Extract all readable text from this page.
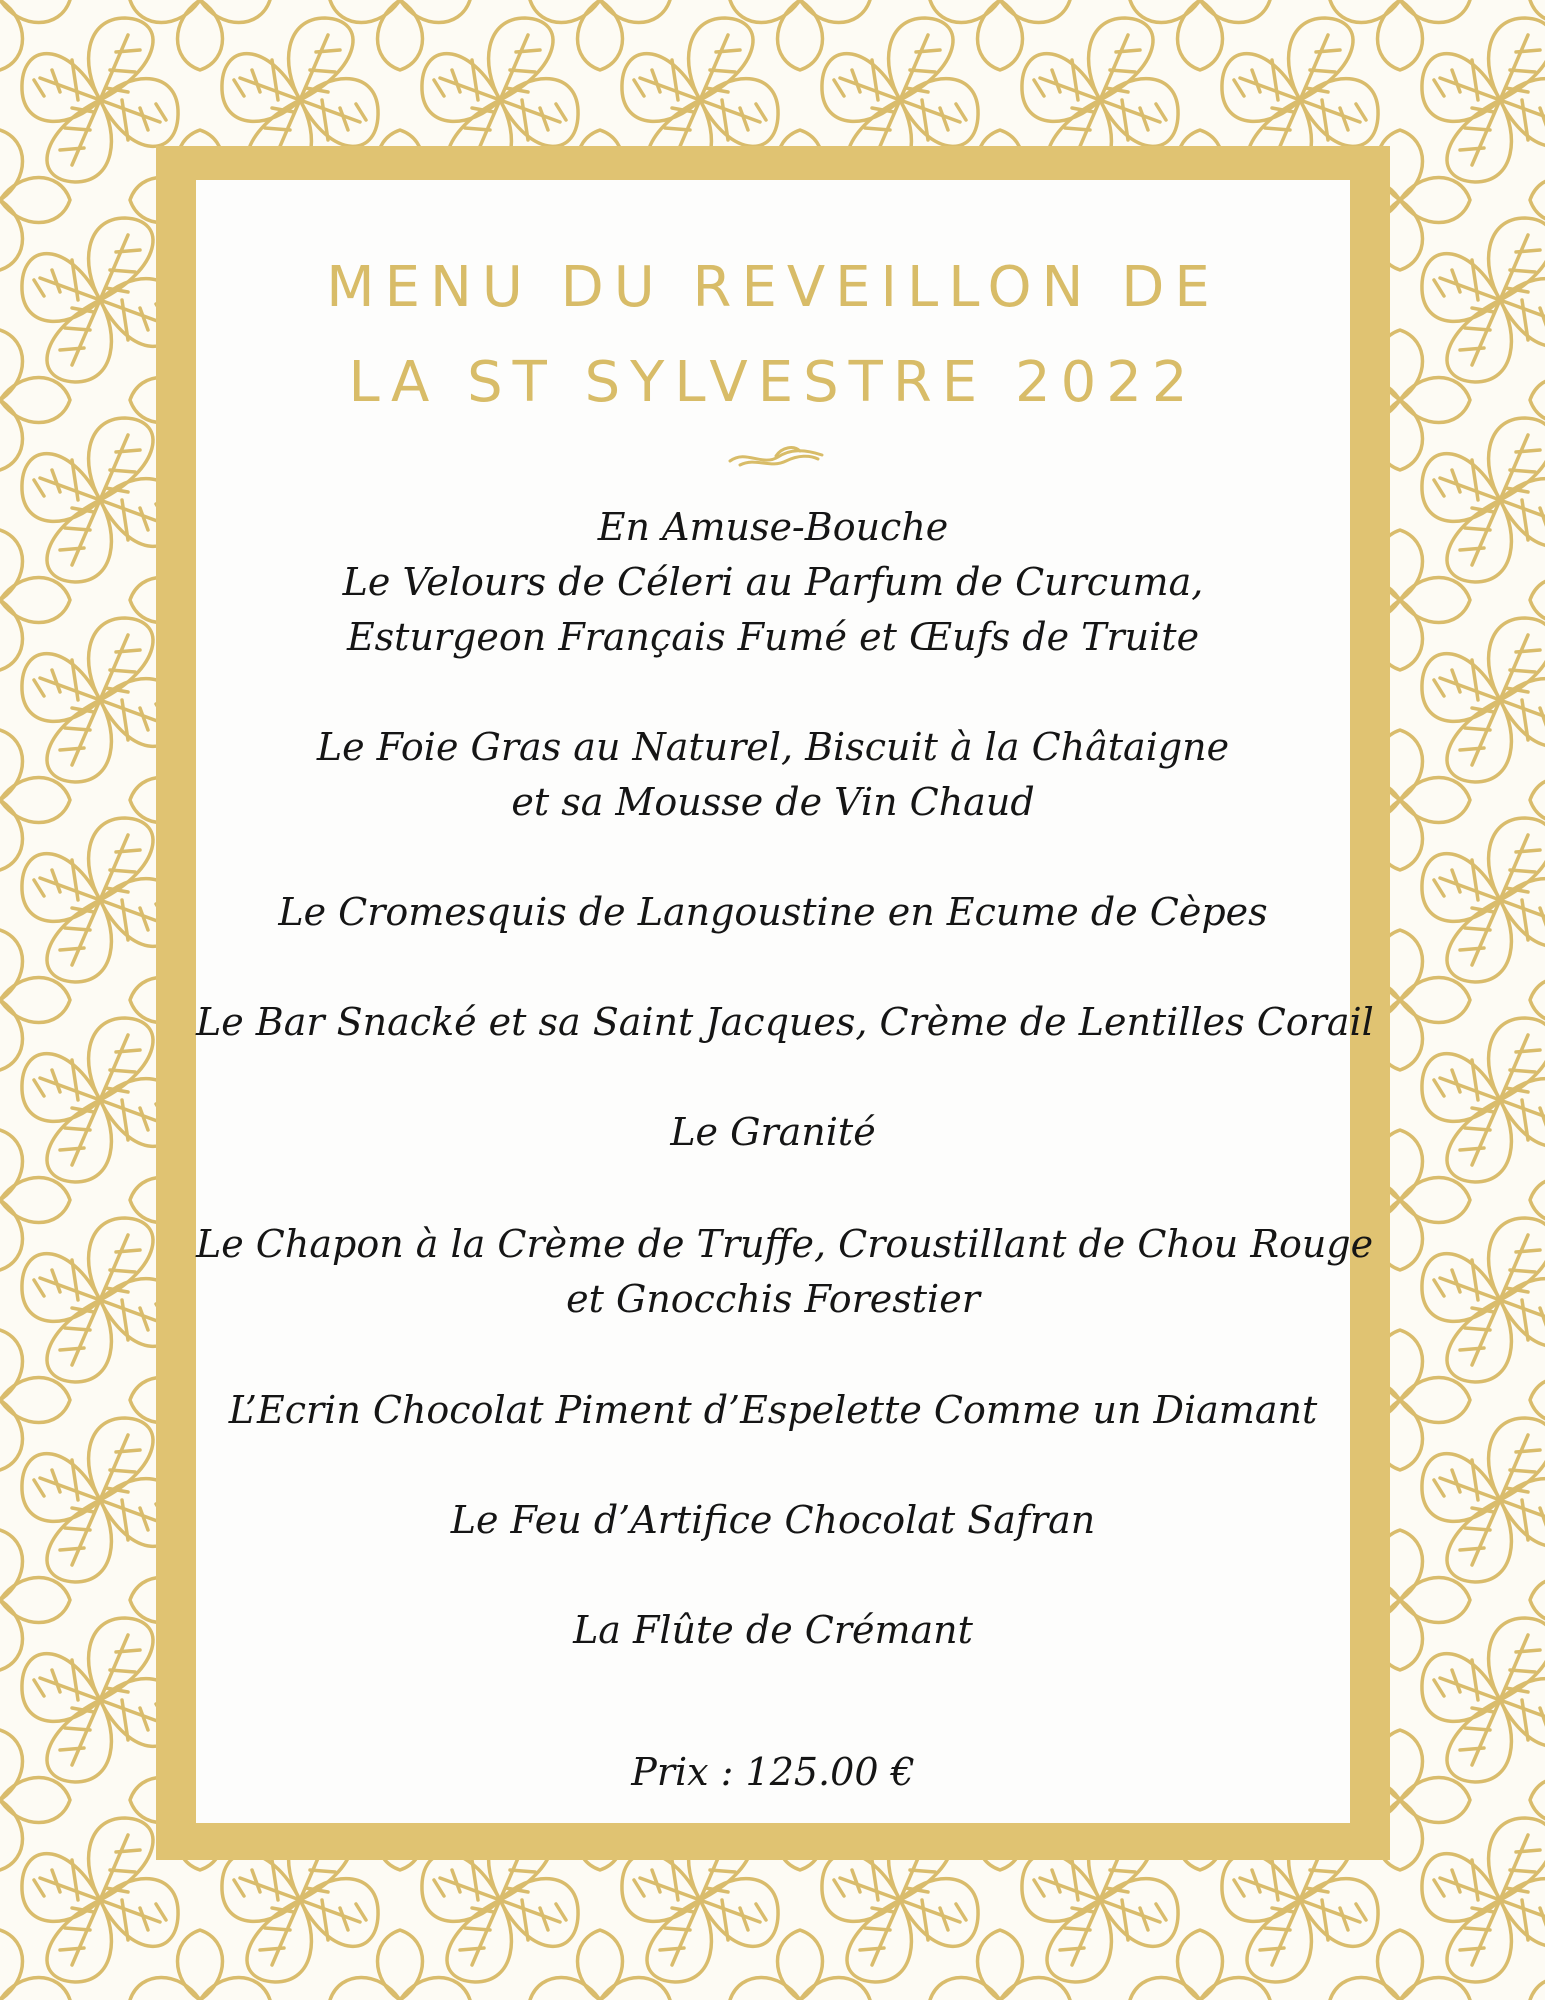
MENU DU REVEILLON DE
LA ST SYLVESTRE 2022
En Amuse-Bouche
Le Velours de Céleri au Parfum de Curcuma,
Esturgeon Français Fumé et Œufs de Truite
Le Foie Gras au Naturel, Biscuit à la Châtaigne
et sa Mousse de Vin Chaud
Le Cromesquis de Langoustine en Ecume de Cèpes
Le Bar Snacké et sa Saint Jacques, Crème de Lentilles Corail
Le Granité
Le Chapon à la Crème de Truffe, Croustillant de Chou Rouge
et Gnocchis Forestier
L’Ecrin Chocolat Piment d’Espelette Comme un Diamant
Le Feu d’Artifice Chocolat Safran
La Flûte de Crémant
Prix : 125.00 €
